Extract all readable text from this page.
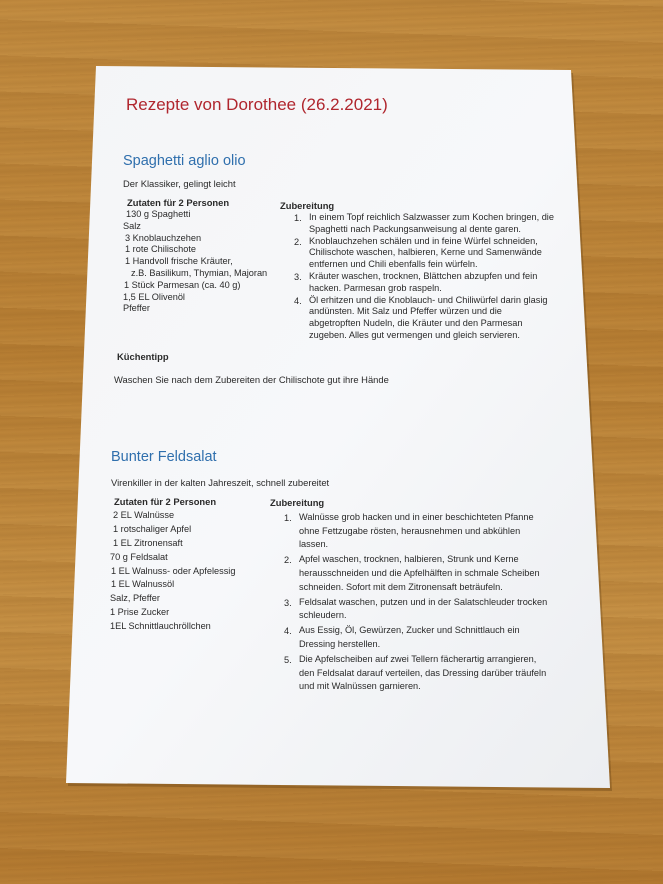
Rezepte von Dorothee (26.2.2021)
Spaghetti aglio olio
Der Klassiker, gelingt leicht
Zutaten für 2 Personen
130 g Spaghetti
Salz
3 Knoblauchzehen
1 rote Chilischote
1 Handvoll frische Kräuter,
z.B. Basilikum, Thymian, Majoran
1 Stück Parmesan (ca. 40 g)
1,5 EL Olivenöl
Pfeffer
Zubereitung
1. In einem Topf reichlich Salzwasser zum Kochen bringen, die
Spaghetti nach Packungsanweisung al dente garen.
2. Knoblauchzehen schälen und in feine Würfel schneiden,
Chilischote waschen, halbieren, Kerne und Samenwände
entfernen und Chili ebenfalls fein würfeln.
3. Kräuter waschen, trocknen, Blättchen abzupfen und fein
hacken. Parmesan grob raspeln.
4. Öl erhitzen und die Knoblauch- und Chiliwürfel darin glasig
andünsten. Mit Salz und Pfeffer würzen und die
abgetropften Nudeln, die Kräuter und den Parmesan
zugeben. Alles gut vermengen und gleich servieren.
Küchentipp
Waschen Sie nach dem Zubereiten der Chilischote gut ihre Hände
Bunter Feldsalat
Virenkiller in der kalten Jahreszeit, schnell zubereitet
Zutaten für 2 Personen
2 EL Walnüsse
1 rotschaliger Apfel
1 EL Zitronensaft
70 g Feldsalat
1 EL Walnuss- oder Apfelessig
1 EL Walnussöl
Salz, Pfeffer
1 Prise Zucker
1EL Schnittlauchröllchen
Zubereitung
1. Walnüsse grob hacken und in einer beschichteten Pfanne
ohne Fettzugabe rösten, herausnehmen und abkühlen
lassen.
2. Apfel waschen, trocknen, halbieren, Strunk und Kerne
herausschneiden und die Apfelhälften in schmale Scheiben
schneiden. Sofort mit dem Zitronensaft beträufeln.
3. Feldsalat waschen, putzen und in der Salatschleuder trocken
schleudern.
4. Aus Essig, Öl, Gewürzen, Zucker und Schnittlauch ein
Dressing herstellen.
5. Die Apfelscheiben auf zwei Tellern fächerartig arrangieren,
den Feldsalat darauf verteilen, das Dressing darüber träufeln
und mit Walnüssen garnieren.
